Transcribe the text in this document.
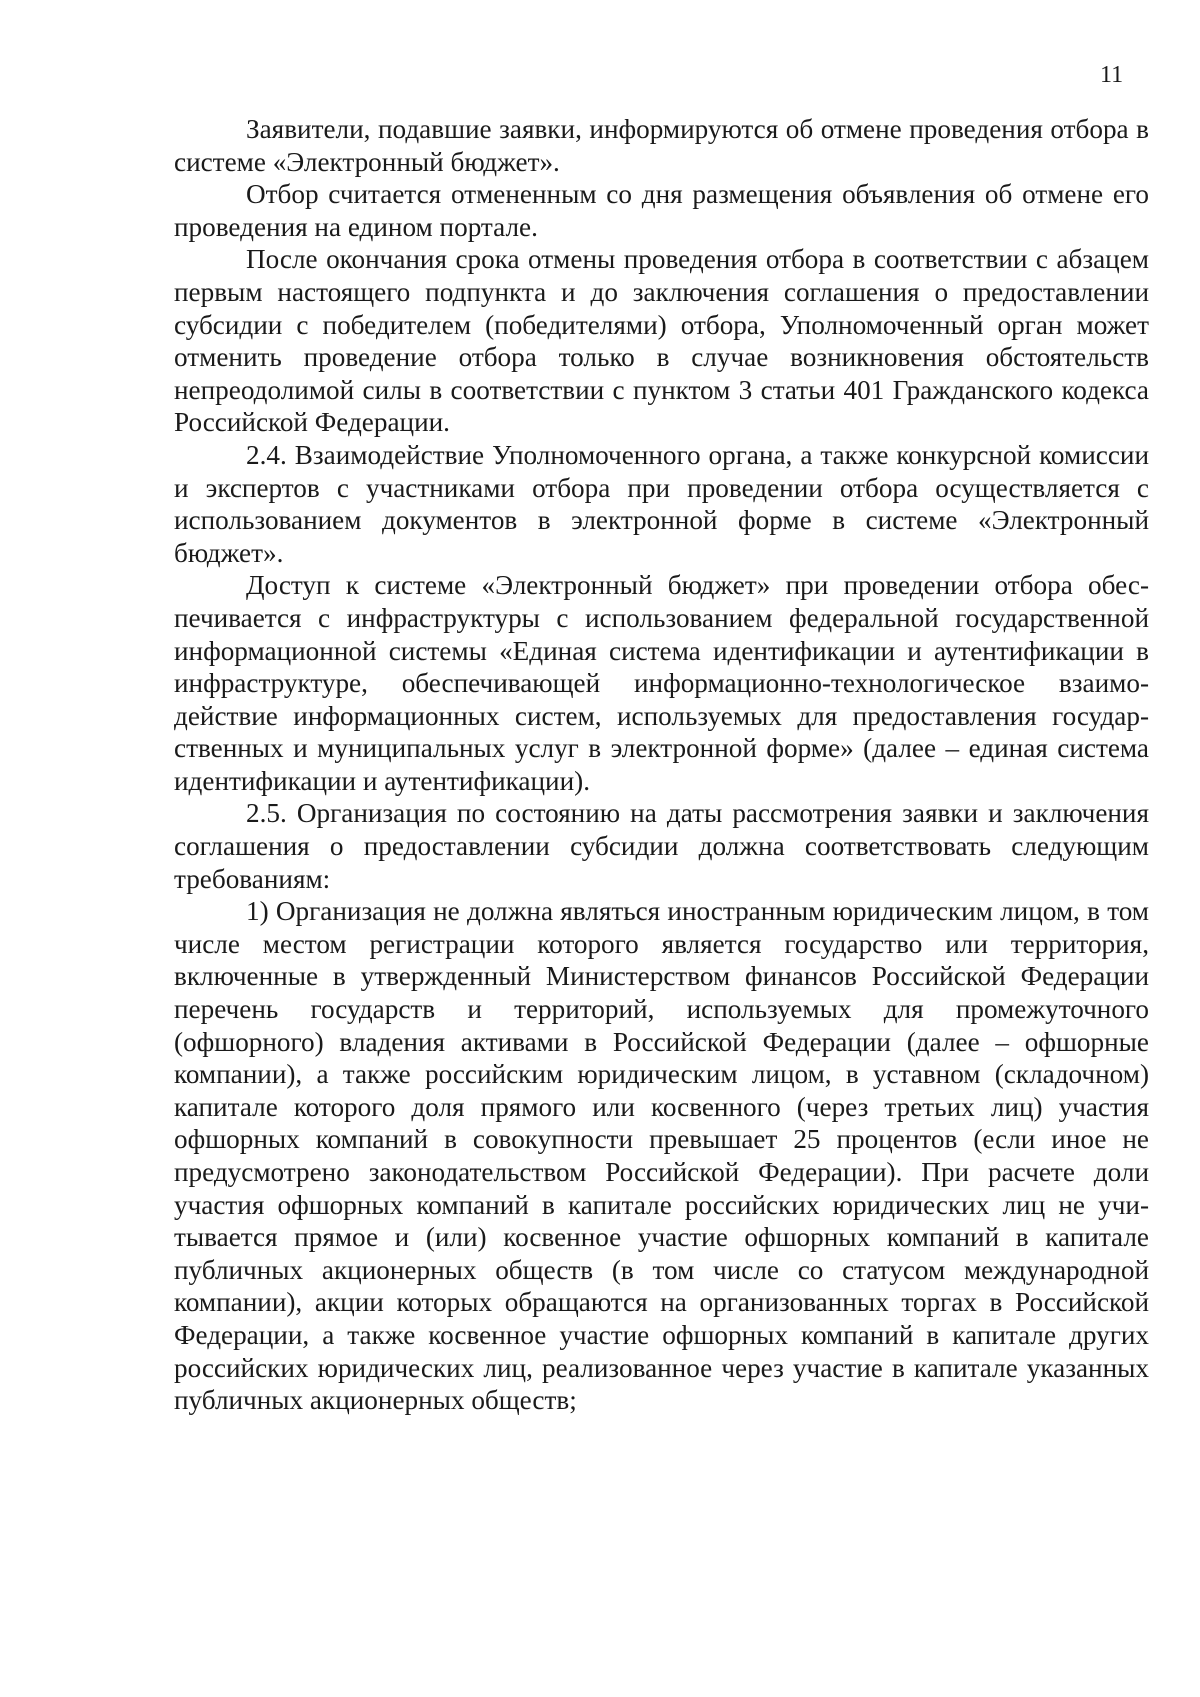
11

Заявители, подавшие заявки, информируются об отмене проведения отбора в системе «Электронный бюджет».

Отбор считается отмененным со дня размещения объявления об отмене его проведения на едином портале.

После окончания срока отмены проведения отбора в соответствии с абзацем первым настоящего подпункта и до заключения соглашения о предоставлении субсидии с победителем (победителями) отбора, Уполномоченный орган может отменить проведение отбора только в случае возникновения обстоятельств непреодолимой силы в соответствии с пунктом 3 статьи 401 Гражданского кодекса Российской Федерации.

2.4. Взаимодействие Уполномоченного органа, а также конкурсной комиссии и экспертов с участниками отбора при проведении отбора осуществляется с использованием документов в электронной форме в системе «Электронный бюджет».

Доступ к системе «Электронный бюджет» при проведении отбора обеспечивается с инфраструктуры с использованием федеральной государственной информационной системы «Единая система идентификации и аутентификации в инфраструктуре, обеспечивающей информационно-технологическое взаимодействие информационных систем, используемых для предоставления государственных и муниципальных услуг в электронной форме» (далее – единая система идентификации и аутентификации).

2.5. Организация по состоянию на даты рассмотрения заявки и заключения соглашения о предоставлении субсидии должна соответствовать следующим требованиям:

1) Организация не должна являться иностранным юридическим лицом, в том числе местом регистрации которого является государство или территория, включенные в утвержденный Министерством финансов Российской Федерации перечень государств и территорий, используемых для промежуточного (офшорного) владения активами в Российской Федерации (далее – офшорные компании), а также российским юридическим лицом, в уставном (складочном) капитале которого доля прямого или косвенного (через третьих лиц) участия офшорных компаний в совокупности превышает 25 процентов (если иное не предусмотрено законодательством Российской Федерации). При расчете доли участия офшорных компаний в капитале российских юридических лиц не учитывается прямое и (или) косвенное участие офшорных компаний в капитале публичных акционерных обществ (в том числе со статусом международной компании), акции которых обращаются на организованных торгах в Российской Федерации, а также косвенное участие офшорных компаний в капитале других российских юридических лиц, реализованное через участие в капитале указанных публичных акционерных обществ;
